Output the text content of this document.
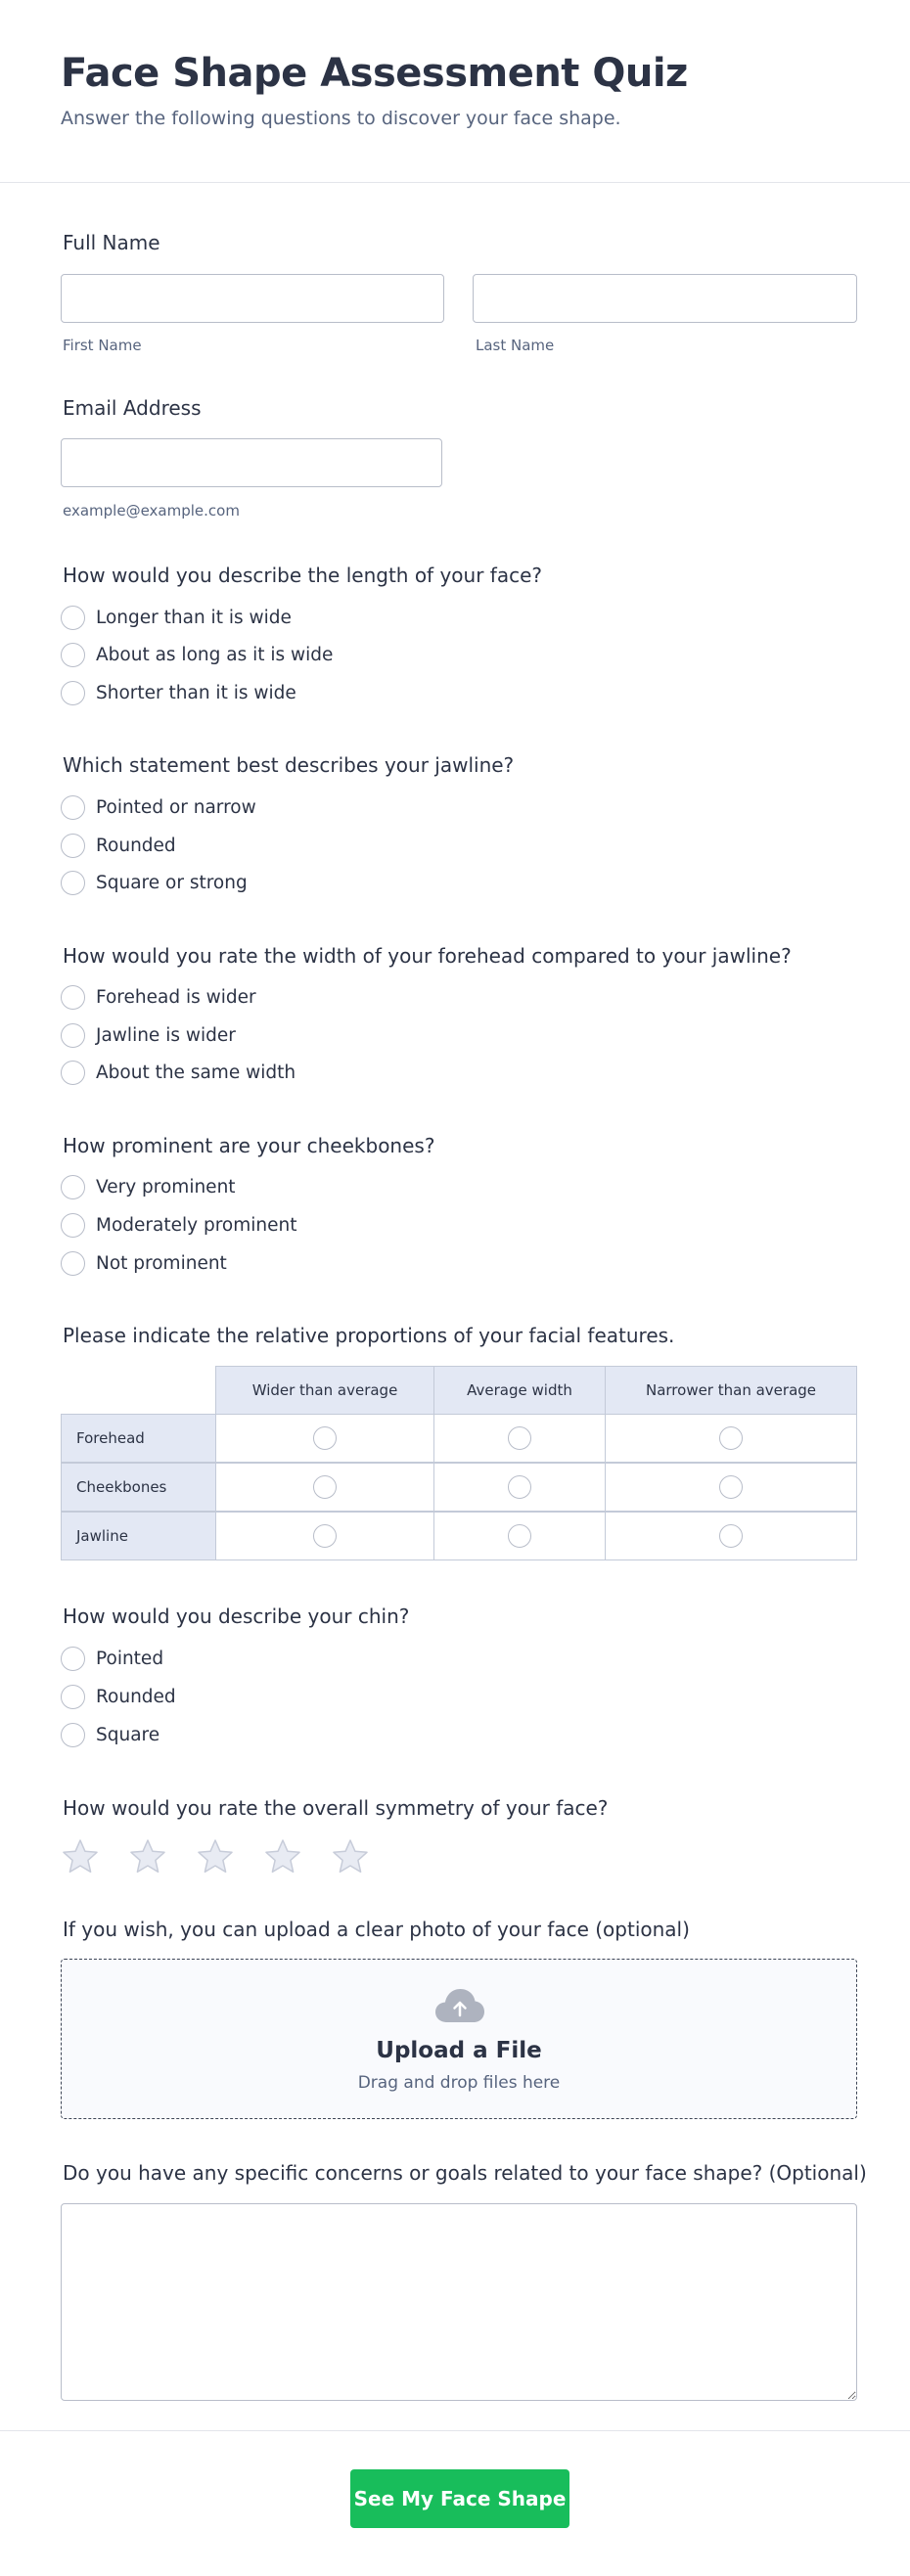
Face Shape Assessment Quiz
Answer the following questions to discover your face shape.
Full Name
First Name	Last Name
Email Address
example@example.com
How would you describe the length of your face?
Longer than it is wide
About as long as it is wide
Shorter than it is wide
Which statement best describes your jawline?
Pointed or narrow
Rounded
Square or strong
How would you rate the width of your forehead compared to your jawline?
Forehead is wider
Jawline is wider
About the same width
How prominent are your cheekbones?
Very prominent
Moderately prominent
Not prominent
Please indicate the relative proportions of your facial features.
Wider than average	Average width	Narrower than average
Forehead
Cheekbones
Jawline
How would you describe your chin?
Pointed
Rounded
Square
How would you rate the overall symmetry of your face?
If you wish, you can upload a clear photo of your face (optional)
Upload a File
Drag and drop files here
Do you have any specific concerns or goals related to your face shape? (Optional)
See My Face Shape
